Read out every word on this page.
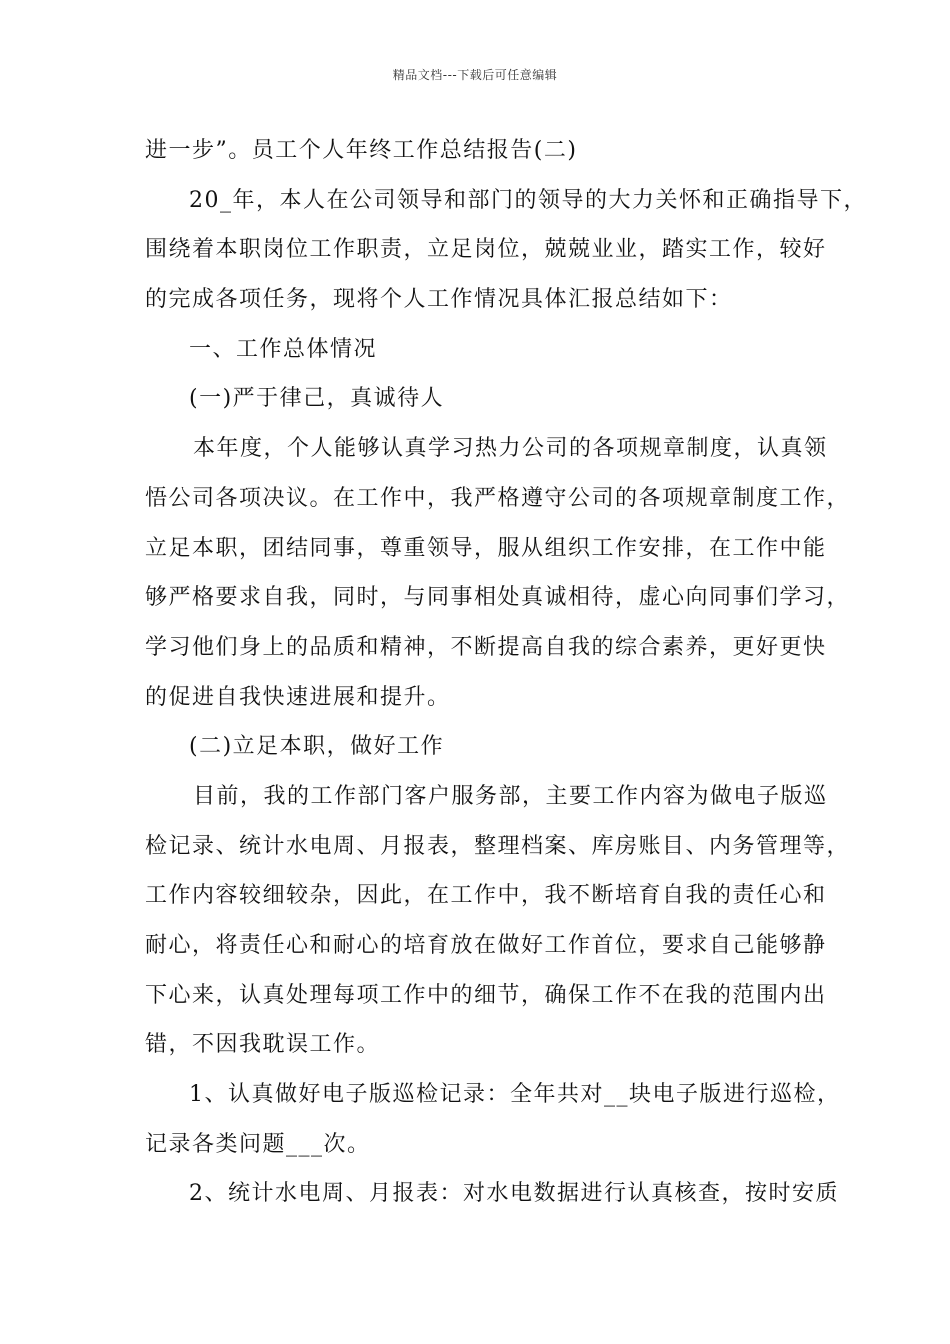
精品文档---下载后可任意编辑
进一步”。员工个人年终工作总结报告(二)
20_年，本人在公司领导和部门的领导的大力关怀和正确指导下，
围绕着本职岗位工作职责，立足岗位，兢兢业业，踏实工作，较好
的完成各项任务，现将个人工作情况具体汇报总结如下：
一、工作总体情况
(一)严于律己，真诚待人
本年度，个人能够认真学习热力公司的各项规章制度，认真领
悟公司各项决议。在工作中，我严格遵守公司的各项规章制度工作，
立足本职，团结同事，尊重领导，服从组织工作安排，在工作中能
够严格要求自我，同时，与同事相处真诚相待，虚心向同事们学习，
学习他们身上的品质和精神，不断提高自我的综合素养，更好更快
的促进自我快速进展和提升。
(二)立足本职，做好工作
目前，我的工作部门客户服务部，主要工作内容为做电子版巡
检记录、统计水电周、月报表，整理档案、库房账目、内务管理等，
工作内容较细较杂，因此，在工作中，我不断培育自我的责任心和
耐心，将责任心和耐心的培育放在做好工作首位，要求自己能够静
下心来，认真处理每项工作中的细节，确保工作不在我的范围内出
错，不因我耽误工作。
1、认真做好电子版巡检记录：全年共对__块电子版进行巡检，
记录各类问题___次。
2、统计水电周、月报表：对水电数据进行认真核查，按时安质
